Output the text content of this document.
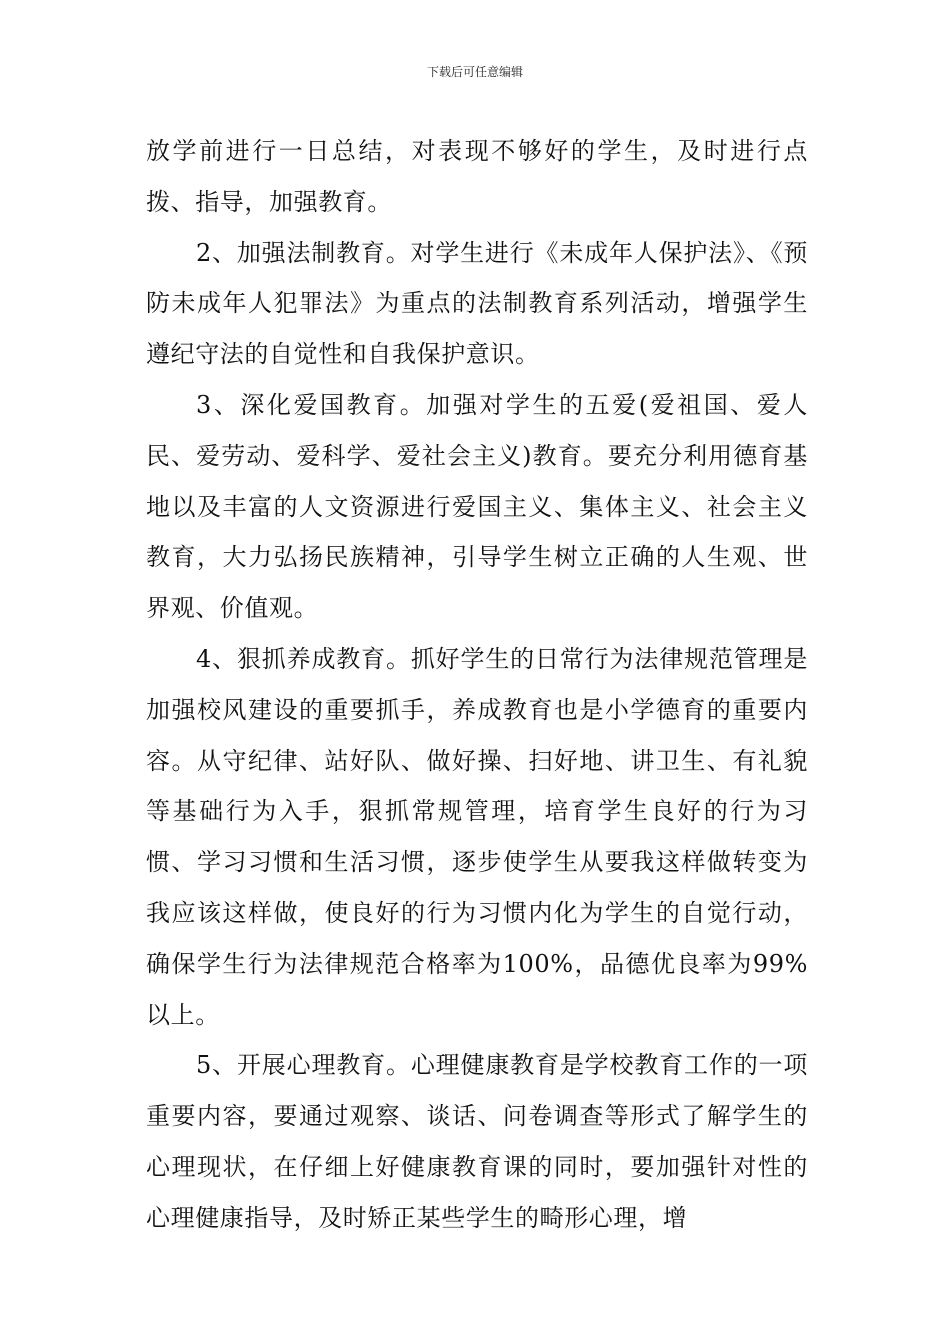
下载后可任意编辑

放学前进行一日总结，对表现不够好的学生，及时进行点拨、指导，加强教育。

2、加强法制教育。对学生进行《未成年人保护法》、《预防未成年人犯罪法》为重点的法制教育系列活动，增强学生遵纪守法的自觉性和自我保护意识。

3、深化爱国教育。加强对学生的五爱(爱祖国、爱人民、爱劳动、爱科学、爱社会主义)教育。要充分利用德育基地以及丰富的人文资源进行爱国主义、集体主义、社会主义教育，大力弘扬民族精神，引导学生树立正确的人生观、世界观、价值观。

4、狠抓养成教育。抓好学生的日常行为法律规范管理是加强校风建设的重要抓手，养成教育也是小学德育的重要内容。从守纪律、站好队、做好操、扫好地、讲卫生、有礼貌等基础行为入手，狠抓常规管理，培育学生良好的行为习惯、学习习惯和生活习惯，逐步使学生从要我这样做转变为我应该这样做，使良好的行为习惯内化为学生的自觉行动，确保学生行为法律规范合格率为100%，品德优良率为99%以上。

5、开展心理教育。心理健康教育是学校教育工作的一项重要内容，要通过观察、谈话、问卷调查等形式了解学生的心理现状，在仔细上好健康教育课的同时，要加强针对性的心理健康指导，及时矫正某些学生的畸形心理，增
